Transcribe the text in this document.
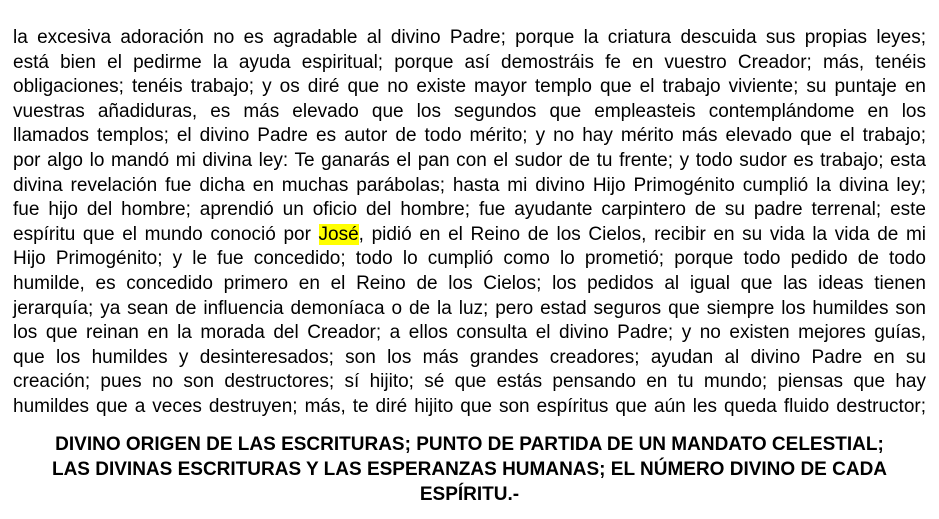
la excesiva adoración no es agradable al divino Padre; porque la criatura descuida sus propias leyes;
está bien el pedirme la ayuda espiritual; porque así demostráis fe en vuestro Creador; más, tenéis
obligaciones; tenéis trabajo; y os diré que no existe mayor templo que el trabajo viviente; su puntaje en
vuestras añadiduras, es más elevado que los segundos que empleasteis contemplándome en los
llamados templos; el divino Padre es autor de todo mérito; y no hay mérito más elevado que el trabajo;
por algo lo mandó mi divina ley: Te ganarás el pan con el sudor de tu frente; y todo sudor es trabajo; esta
divina revelación fue dicha en muchas parábolas; hasta mi divino Hijo Primogénito cumplió la divina ley;
fue hijo del hombre; aprendió un oficio del hombre; fue ayudante carpintero de su padre terrenal; este
espíritu que el mundo conoció por José, pidió en el Reino de los Cielos, recibir en su vida la vida de mi
Hijo Primogénito; y le fue concedido; todo lo cumplió como lo prometió; porque todo pedido de todo
humilde, es concedido primero en el Reino de los Cielos; los pedidos al igual que las ideas tienen
jerarquía; ya sean de influencia demoníaca o de la luz; pero estad seguros que siempre los humildes son
los que reinan en la morada del Creador; a ellos consulta el divino Padre; y no existen mejores guías,
que los humildes y desinteresados; son los más grandes creadores; ayudan al divino Padre en su
creación; pues no son destructores; sí hijito; sé que estás pensando en tu mundo; piensas que hay
humildes que a veces destruyen; más, te diré hijito que son espíritus que aún les queda fluido destructor;
DIVINO ORIGEN DE LAS ESCRITURAS; PUNTO DE PARTIDA DE UN MANDATO CELESTIAL;
LAS DIVINAS ESCRITURAS Y LAS ESPERANZAS HUMANAS; EL NÚMERO DIVINO DE CADA
ESPÍRITU.-
